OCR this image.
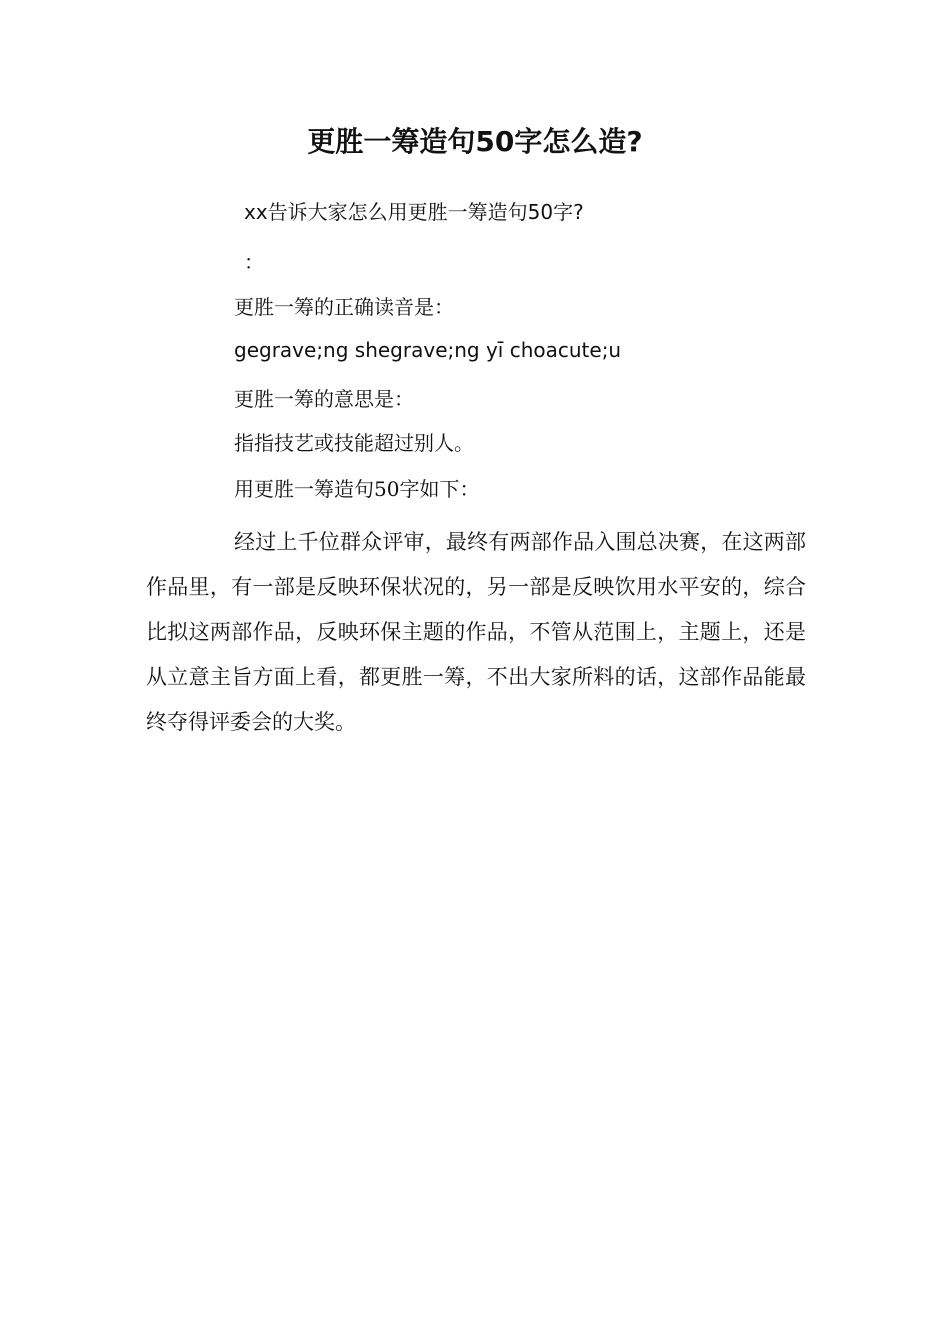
更胜一筹造句50字怎么造?

xx告诉大家怎么用更胜一筹造句50字?

：

更胜一筹的正确读音是：

gegrave;ng shegrave;ng yī choacute;u

更胜一筹的意思是：

指指技艺或技能超过别人。

用更胜一筹造句50字如下：

经过上千位群众评审，最终有两部作品入围总决赛，在这两部作品里，有一部是反映环保状况的，另一部是反映饮用水平安的，综合比拟这两部作品，反映环保主题的作品，不管从范围上，主题上，还是从立意主旨方面上看，都更胜一筹，不出大家所料的话，这部作品能最终夺得评委会的大奖。
